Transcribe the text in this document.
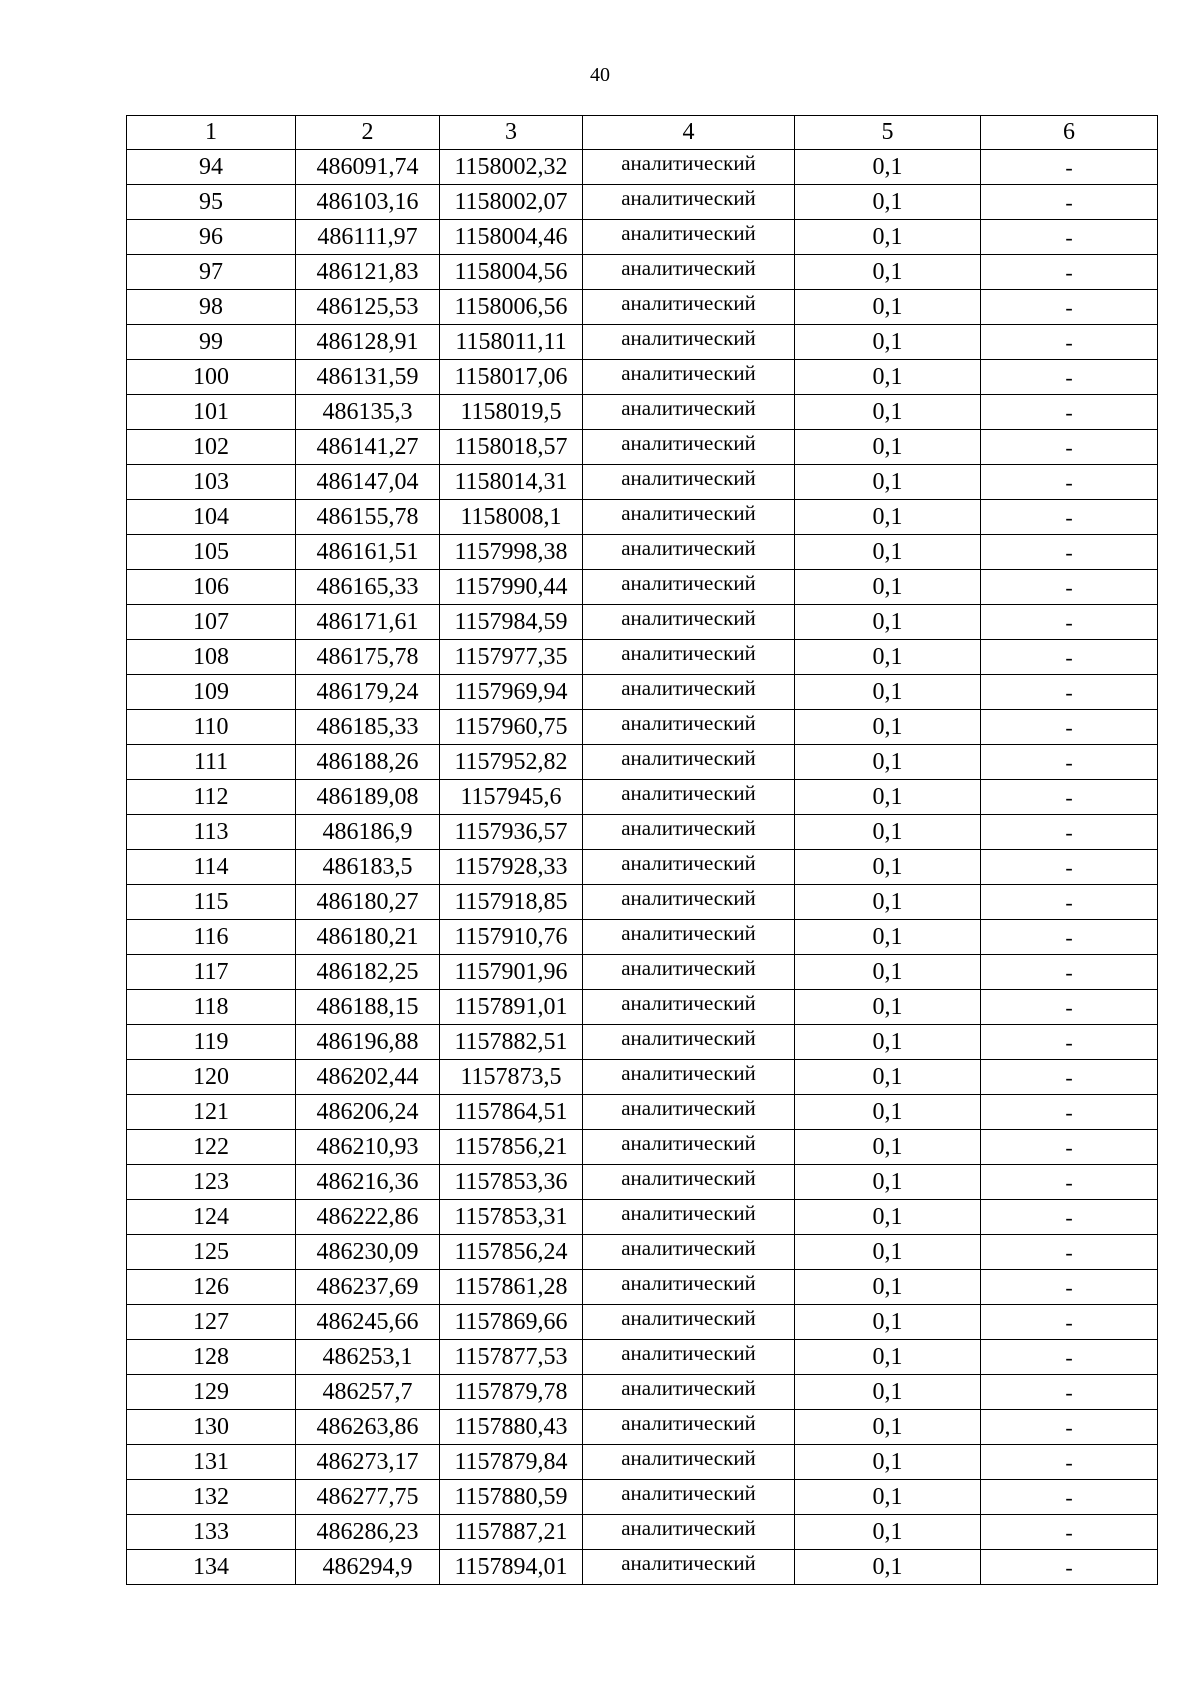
40
1	2	3	4	5	6
94	486091,74	1158002,32	аналитический	0,1	-
95	486103,16	1158002,07	аналитический	0,1	-
96	486111,97	1158004,46	аналитический	0,1	-
97	486121,83	1158004,56	аналитический	0,1	-
98	486125,53	1158006,56	аналитический	0,1	-
99	486128,91	1158011,11	аналитический	0,1	-
100	486131,59	1158017,06	аналитический	0,1	-
101	486135,3	1158019,5	аналитический	0,1	-
102	486141,27	1158018,57	аналитический	0,1	-
103	486147,04	1158014,31	аналитический	0,1	-
104	486155,78	1158008,1	аналитический	0,1	-
105	486161,51	1157998,38	аналитический	0,1	-
106	486165,33	1157990,44	аналитический	0,1	-
107	486171,61	1157984,59	аналитический	0,1	-
108	486175,78	1157977,35	аналитический	0,1	-
109	486179,24	1157969,94	аналитический	0,1	-
110	486185,33	1157960,75	аналитический	0,1	-
111	486188,26	1157952,82	аналитический	0,1	-
112	486189,08	1157945,6	аналитический	0,1	-
113	486186,9	1157936,57	аналитический	0,1	-
114	486183,5	1157928,33	аналитический	0,1	-
115	486180,27	1157918,85	аналитический	0,1	-
116	486180,21	1157910,76	аналитический	0,1	-
117	486182,25	1157901,96	аналитический	0,1	-
118	486188,15	1157891,01	аналитический	0,1	-
119	486196,88	1157882,51	аналитический	0,1	-
120	486202,44	1157873,5	аналитический	0,1	-
121	486206,24	1157864,51	аналитический	0,1	-
122	486210,93	1157856,21	аналитический	0,1	-
123	486216,36	1157853,36	аналитический	0,1	-
124	486222,86	1157853,31	аналитический	0,1	-
125	486230,09	1157856,24	аналитический	0,1	-
126	486237,69	1157861,28	аналитический	0,1	-
127	486245,66	1157869,66	аналитический	0,1	-
128	486253,1	1157877,53	аналитический	0,1	-
129	486257,7	1157879,78	аналитический	0,1	-
130	486263,86	1157880,43	аналитический	0,1	-
131	486273,17	1157879,84	аналитический	0,1	-
132	486277,75	1157880,59	аналитический	0,1	-
133	486286,23	1157887,21	аналитический	0,1	-
134	486294,9	1157894,01	аналитический	0,1	-
